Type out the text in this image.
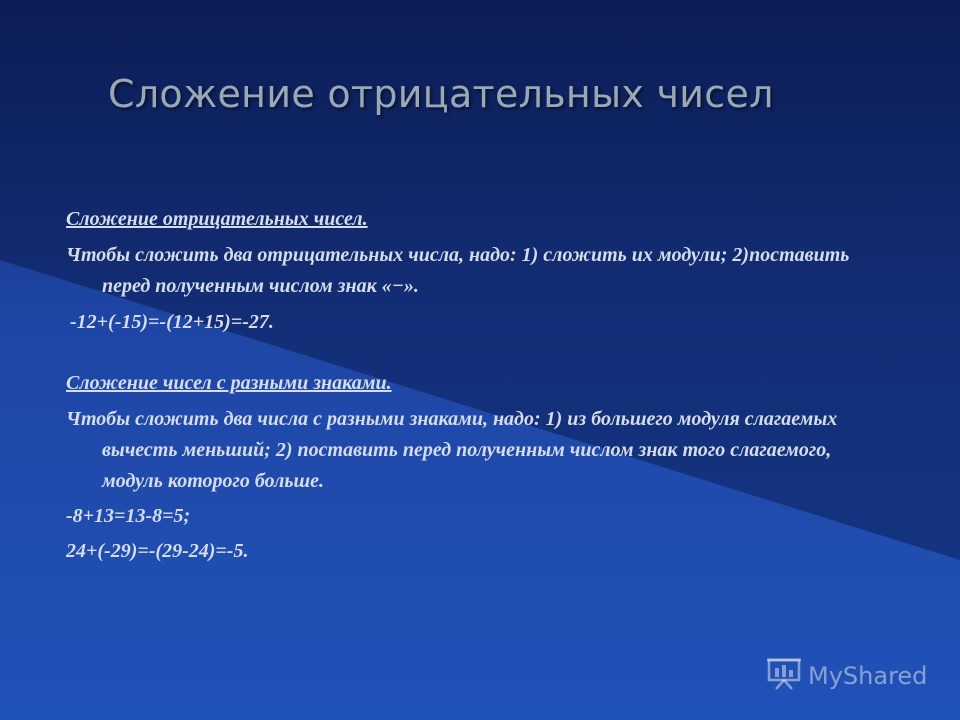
Сложение отрицательных чисел

Сложение отрицательных чисел.

Чтобы сложить два отрицательных числа, надо: 1) сложить их модули; 2)поставить перед полученным числом знак «−».

-12+(-15)=-(12+15)=-27.

Сложение чисел с разными знаками.

Чтобы сложить два числа с разными знаками, надо: 1) из большего модуля слагаемых вычесть меньший; 2) поставить перед полученным числом знак того слагаемого, модуль которого больше.

-8+13=13-8=5;

24+(-29)=-(29-24)=-5.

MyShared
